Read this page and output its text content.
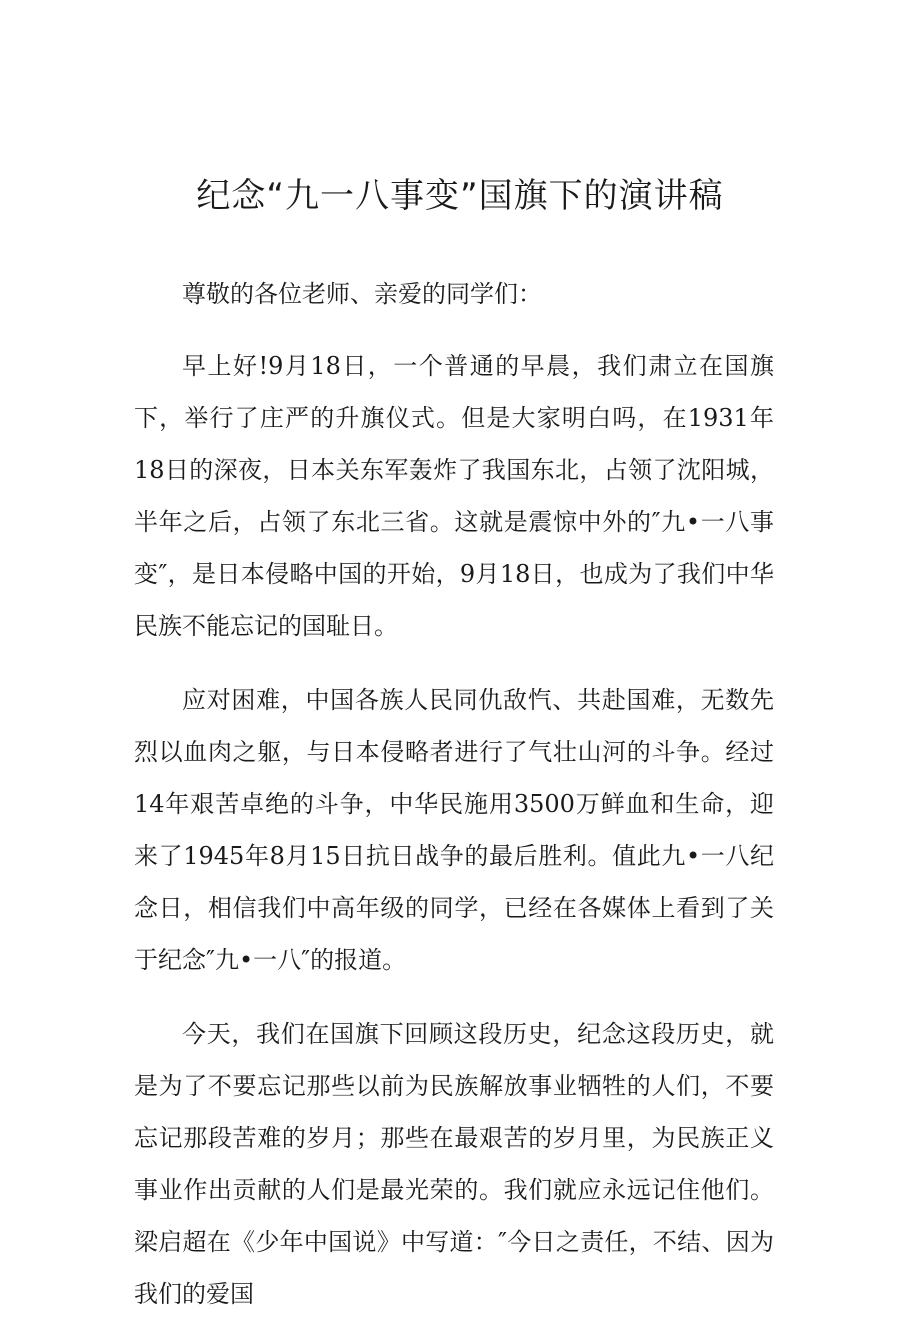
纪念“九一八事变”国旗下的演讲稿

尊敬的各位老师、亲爱的同学们：

早上好!9月18日，一个普通的早晨，我们肃立在国旗下，举行了庄严的升旗仪式。但是大家明白吗，在1931年18日的深夜，日本关东军轰炸了我国东北，占领了沈阳城，半年之后，占领了东北三省。这就是震惊中外的″九•一八事变″，是日本侵略中国的开始，9月18日，也成为了我们中华民族不能忘记的国耻日。

应对困难，中国各族人民同仇敌忾、共赴国难，无数先烈以血肉之躯，与日本侵略者进行了气壮山河的斗争。经过14年艰苦卓绝的斗争，中华民施用3500万鲜血和生命，迎来了1945年8月15日抗日战争的最后胜利。值此九•一八纪念日，相信我们中高年级的同学，已经在各媒体上看到了关于纪念″九•一八″的报道。

今天，我们在国旗下回顾这段历史，纪念这段历史，就是为了不要忘记那些以前为民族解放事业牺牲的人们，不要忘记那段苦难的岁月；那些在最艰苦的岁月里，为民族正义事业作出贡献的人们是最光荣的。我们就应永远记住他们。梁启超在《少年中国说》中写道：″今日之责任，不结、因为我们的爱国
